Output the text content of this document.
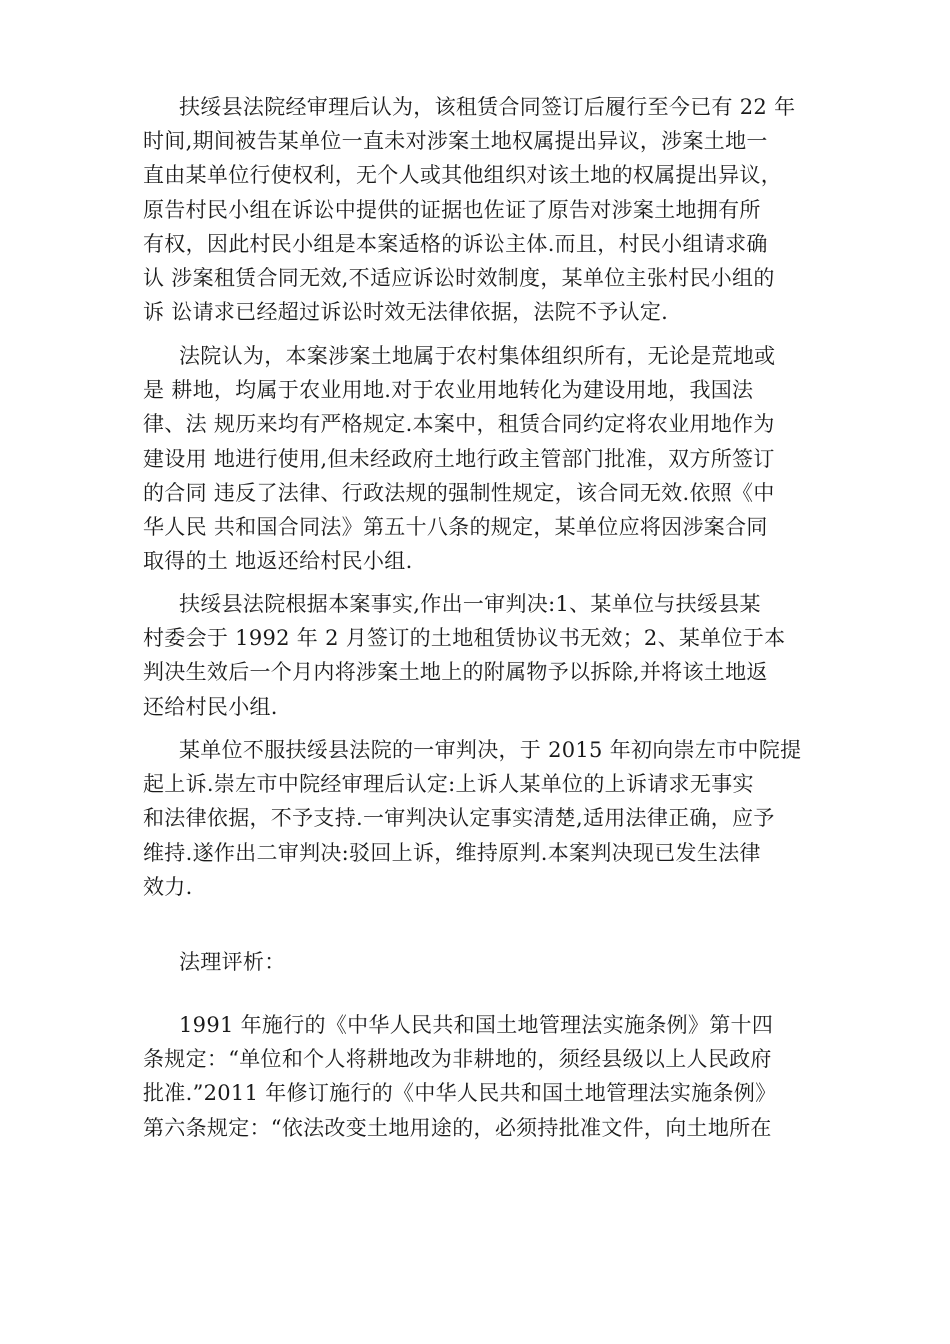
扶绥县法院经审理后认为，该租赁合同签订后履行至今已有 22 年
时间,期间被告某单位一直未对涉案土地权属提出异议，涉案土地一
直由某单位行使权利，无个人或其他组织对该土地的权属提出异议，
原告村民小组在诉讼中提供的证据也佐证了原告对涉案土地拥有所
有权，因此村民小组是本案适格的诉讼主体.而且，村民小组请求确
认 涉案租赁合同无效,不适应诉讼时效制度，某单位主张村民小组的
诉 讼请求已经超过诉讼时效无法律依据，法院不予认定.
法院认为，本案涉案土地属于农村集体组织所有，无论是荒地或
是 耕地，均属于农业用地.对于农业用地转化为建设用地，我国法
律、法 规历来均有严格规定.本案中，租赁合同约定将农业用地作为
建设用 地进行使用,但未经政府土地行政主管部门批准，双方所签订
的合同 违反了法律、行政法规的强制性规定，该合同无效.依照《中
华人民 共和国合同法》第五十八条的规定，某单位应将因涉案合同
取得的土 地返还给村民小组.
扶绥县法院根据本案事实,作出一审判决:1、某单位与扶绥县某
村委会于 1992 年 2 月签订的土地租赁协议书无效；2、某单位于本
判决生效后一个月内将涉案土地上的附属物予以拆除,并将该土地返
还给村民小组.
某单位不服扶绥县法院的一审判决，于 2015 年初向崇左市中院提
起上诉.崇左市中院经审理后认定:上诉人某单位的上诉请求无事实
和法律依据，不予支持.一审判决认定事实清楚,适用法律正确，应予
维持.遂作出二审判决:驳回上诉，维持原判.本案判决现已发生法律
效力.
法理评析：
1991 年施行的《中华人民共和国土地管理法实施条例》第十四
条规定：“单位和个人将耕地改为非耕地的，须经县级以上人民政府
批准.”2011 年修订施行的《中华人民共和国土地管理法实施条例》
第六条规定：“依法改变土地用途的，必须持批准文件，向土地所在
